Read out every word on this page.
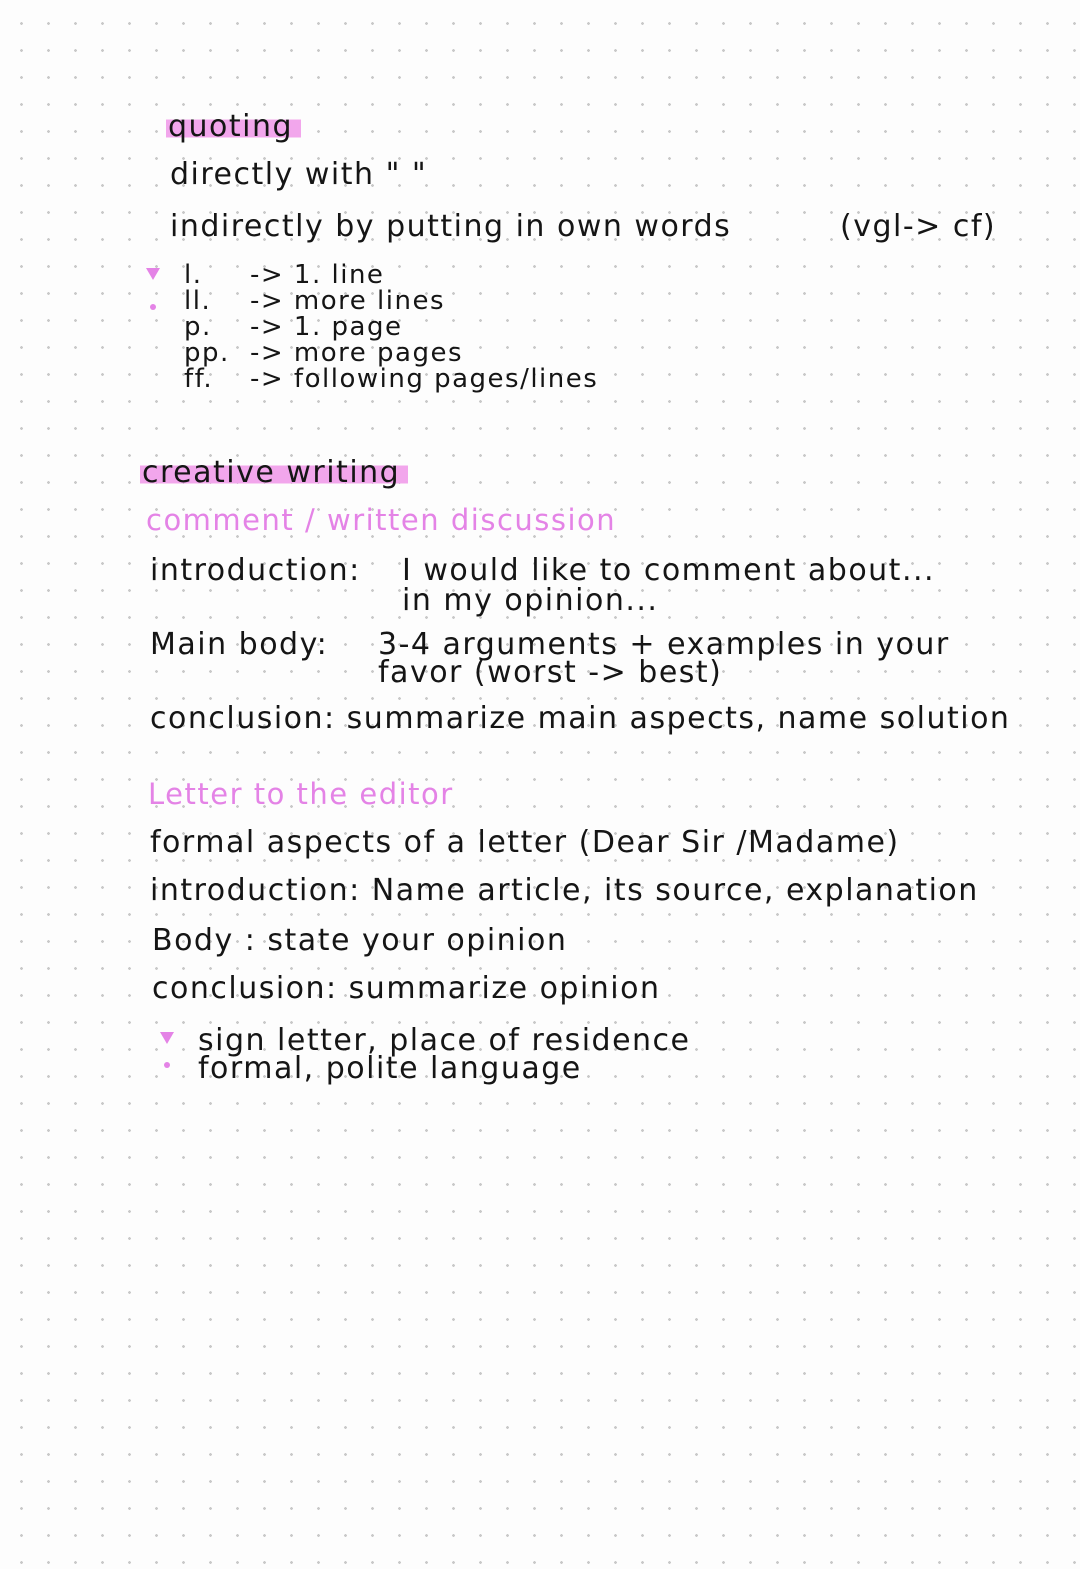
quoting
directly with " "
indirectly by putting in own words	(vgl-> cf)
l. -> 1. line
ll. -> more lines
p. -> 1. page
pp. -> more pages
ff. -> following pages/lines
creative writing
comment / written discussion
introduction: I would like to comment about...
in my opinion...
Main body: 3-4 arguments + examples in your
favor (worst -> best)
conclusion: summarize main aspects, name solution
Letter to the editor
formal aspects of a letter (Dear Sir /Madame)
introduction: Name article, its source, explanation
Body : state your opinion
conclusion: summarize opinion
sign letter, place of residence
formal, polite language
